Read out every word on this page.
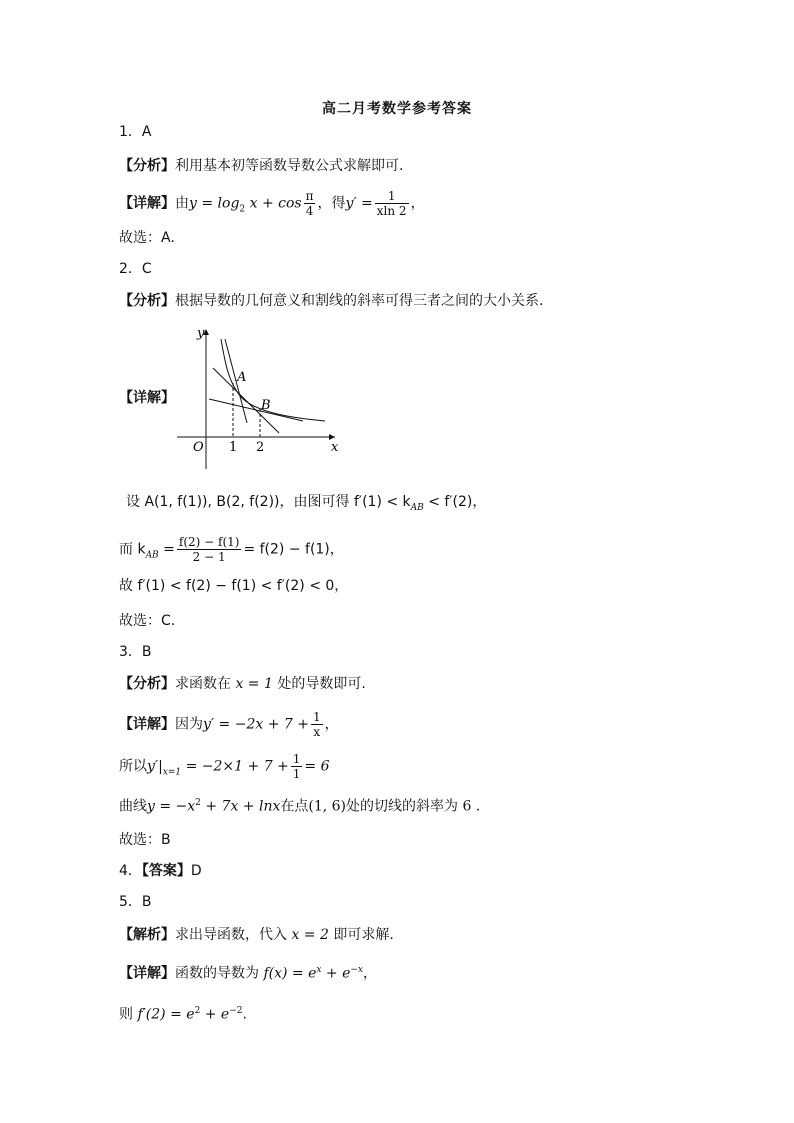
高二月考数学参考答案
1．A
【分析】利用基本初等函数导数公式求解即可.
【详解】由$y = \log_2 x + \cos \frac{\pi}{4}$ ，得$y' = \frac{1}{xln 2}$ ，
故选：A.
2．C
【分析】根据导数的几何意义和割线的斜率可得三者之间的大小关系.
【详解】
y
x
O 1 2
A
B
设 A(1, f(1)), B(2, f(2))，由图可得 $f'(1) < k_{AB} < f'(2)$，
而 $k_{AB} = \frac{f(2) - f(1)}{2 - 1} = f(2) - f(1)$，
故 f′(1) < f(2) − f(1) < f′(2) < 0，
故选：C.
3．B
【分析】求函数在 x = 1 处的导数即可.
【详解】因为$y' = -2x + 7 + \frac{1}{x}$ ，
所以$y'|_{x=1} = -2\times 1 + 7 + \frac{1}{1} = 6$
曲线$y = -x^2 + 7x + \ln x$在点(1, 6)处的切线的斜率为 6 .
故选：B
4．【答案】D
5．B
【解析】求出导函数，代入 x = 2 即可求解.
【详解】函数的导数为 $f(x) = e^x + e^{-x}$，
则 $f'(2) = e^2 + e^{-2}$.
